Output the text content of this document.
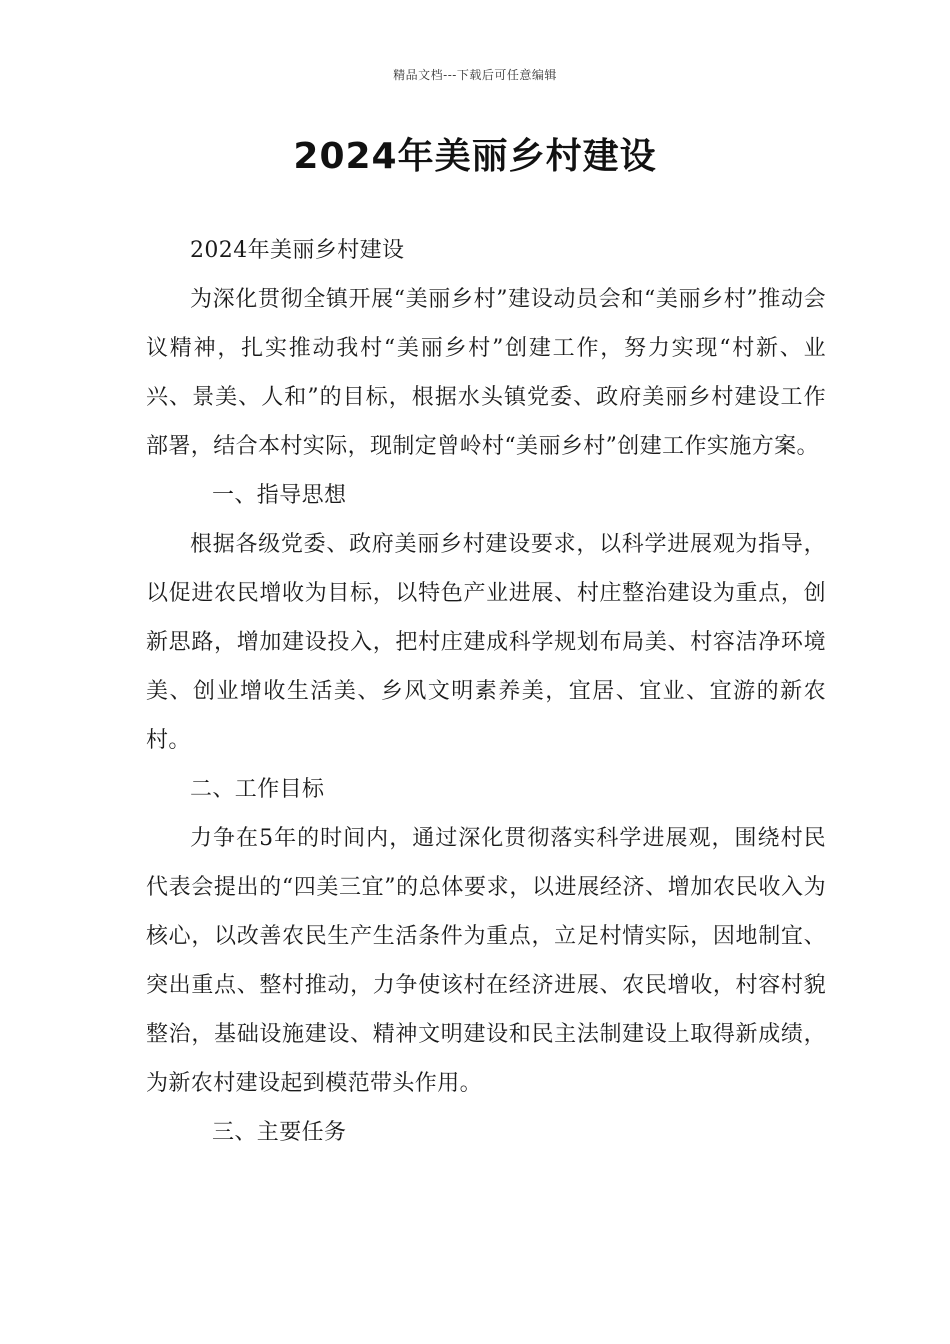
精品文档---下载后可任意编辑
2024年美丽乡村建设

2024年美丽乡村建设

为深化贯彻全镇开展“美丽乡村”建设动员会和“美丽乡村”推动会议精神，扎实推动我村“美丽乡村”创建工作，努力实现“村新、业兴、景美、人和”的目标，根据水头镇党委、政府美丽乡村建设工作部署，结合本村实际，现制定曾岭村“美丽乡村”创建工作实施方案。

一、指导思想

根据各级党委、政府美丽乡村建设要求，以科学进展观为指导，以促进农民增收为目标，以特色产业进展、村庄整治建设为重点，创新思路，增加建设投入，把村庄建成科学规划布局美、村容洁净环境美、创业增收生活美、乡风文明素养美，宜居、宜业、宜游的新农村。

二、工作目标

力争在5年的时间内，通过深化贯彻落实科学进展观，围绕村民代表会提出的“四美三宜”的总体要求，以进展经济、增加农民收入为核心，以改善农民生产生活条件为重点，立足村情实际，因地制宜、突出重点、整村推动，力争使该村在经济进展、农民增收，村容村貌整治，基础设施建设、精神文明建设和民主法制建设上取得新成绩，为新农村建设起到模范带头作用。

三、主要任务
